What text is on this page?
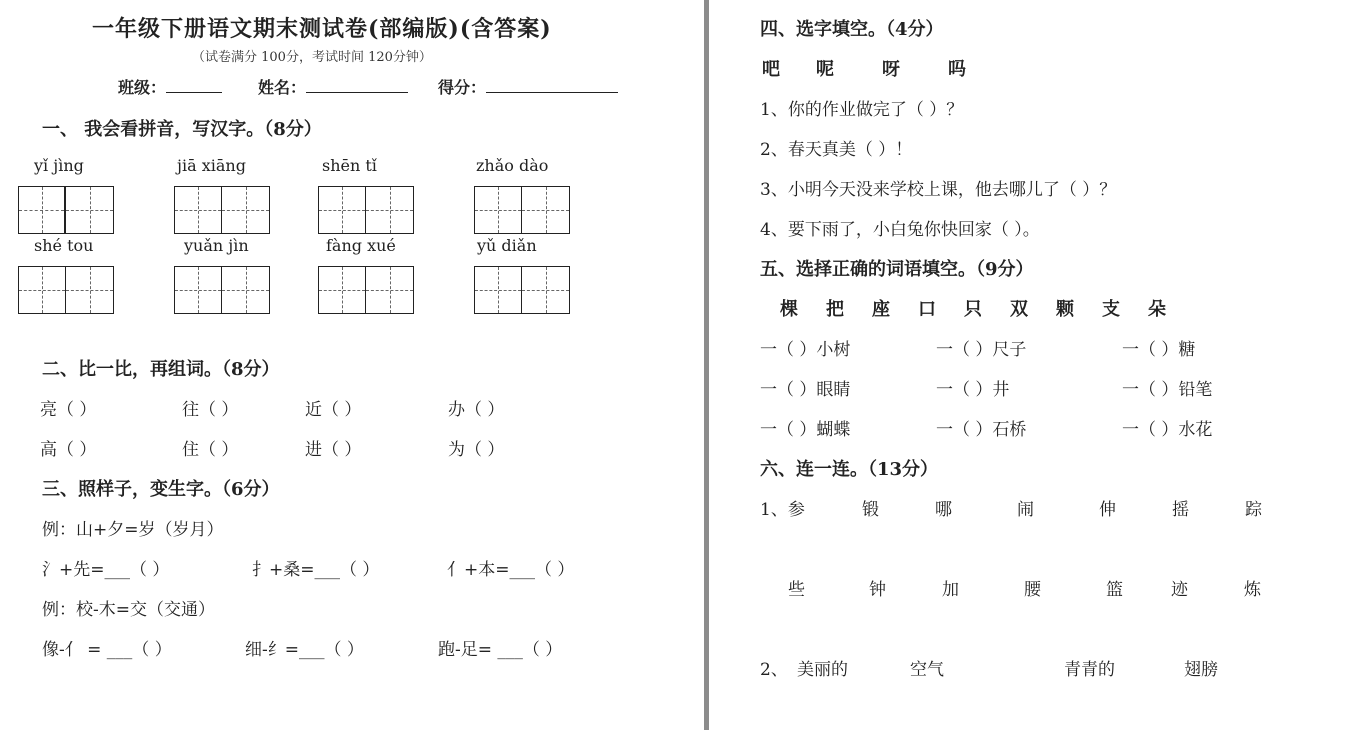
一年级下册语文期末测试卷(部编版)(含答案)
（试卷满分 100分，考试时间 120分钟）
班级：	姓名：	得分：
一、 我会看拼音，写汉字。（8分）
yǐ jìng	jiā xiāng	shēn tǐ	zhǎo dào
shé tou	yuǎn jìn	fàng xué	yǔ diǎn
二、比一比，再组词。（8分）
亮（ ）	往（ ）	近（ ）	办（ ）
高（ ）	住（ ）	进（ ）	为（ ）
三、照样子，变生字。（6分）
例：山+夕=岁（岁月）
氵+先=___（ ）	扌+桑=___（ ）	亻+本=___（ ）
例：校-木=交（交通）
像-亻 = ___（ ）	细-纟=___（ ）	跑-足= ___（ ）
四、选字填空。（4分）
吧 呢	呀	吗
1、你的作业做完了（ ）？
2、春天真美（ ）！
3、小明今天没来学校上课，他去哪儿了（ ）？
4、要下雨了，小白兔你快回家（ ）。
五、选择正确的词语填空。（9分）
棵 把 座 口 只 双 颗 支 朵
一（ ）小树	一（ ）尺子	一（ ）糖
一（ ）眼睛	一（ ）井	一（ ）铅笔
一（ ）蝴蝶	一（ ）石桥	一（ ）水花
六、连一连。（13分）
1、参	锻	哪	闹	伸	摇	踪
些	钟	加	腰	篮	迹	炼
2、 美丽的	空气	青青的	翅膀
